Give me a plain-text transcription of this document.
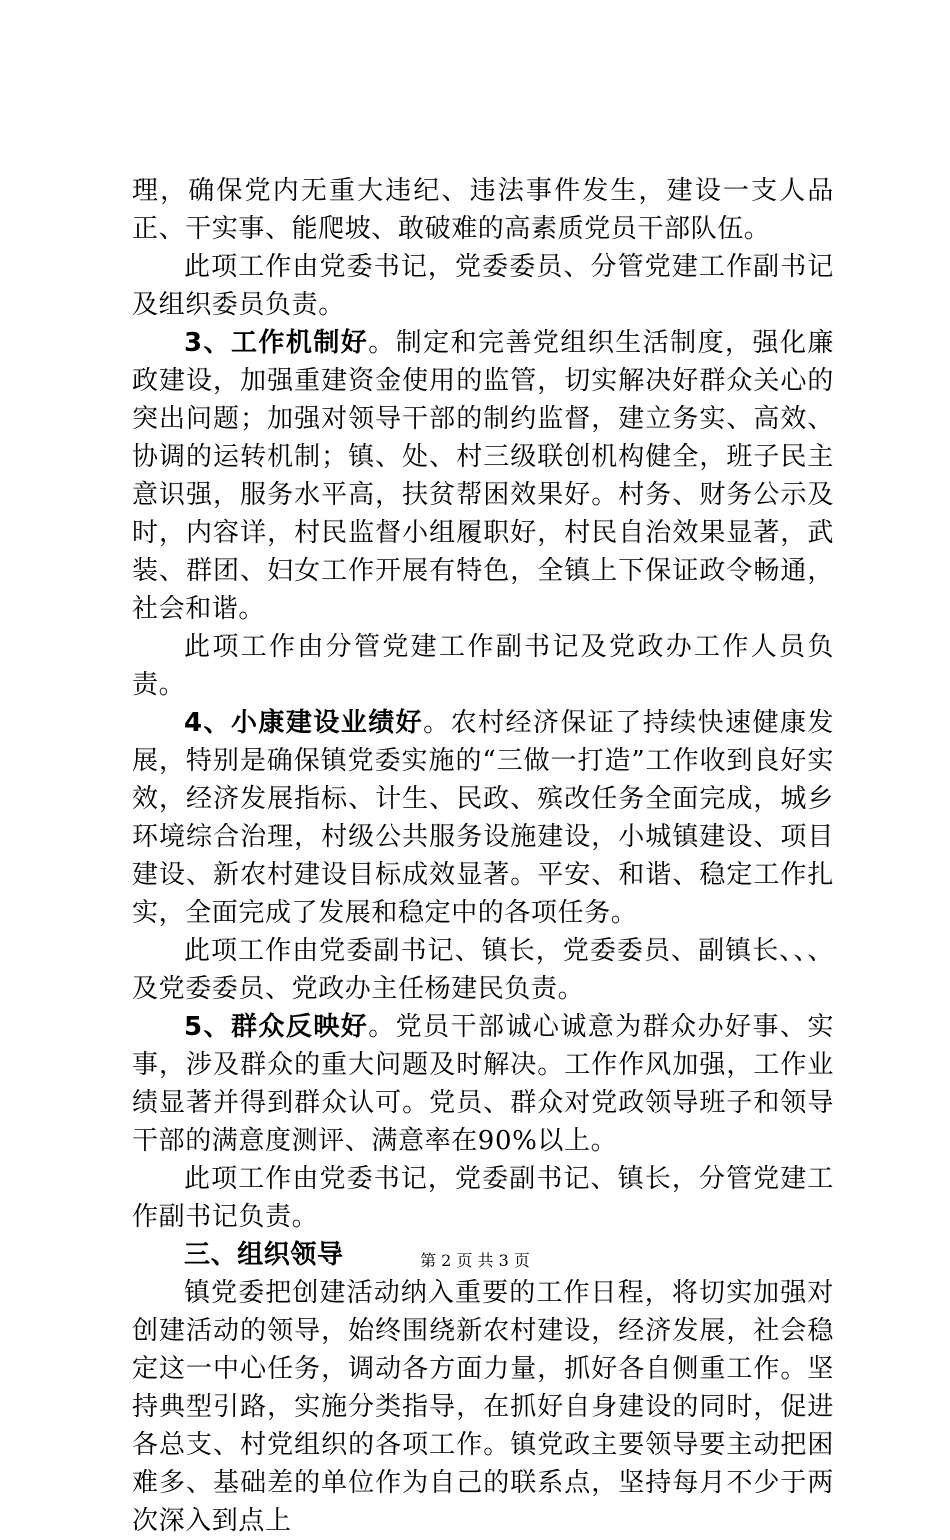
理，确保党内无重大违纪、违法事件发生，建设一支人品正、干实事、能爬坡、敢破难的高素质党员干部队伍。

此项工作由党委书记，党委委员、分管党建工作副书记及组织委员负责。

3、工作机制好。制定和完善党组织生活制度，强化廉政建设，加强重建资金使用的监管，切实解决好群众关心的突出问题；加强对领导干部的制约监督，建立务实、高效、协调的运转机制；镇、处、村三级联创机构健全，班子民主意识强，服务水平高，扶贫帮困效果好。村务、财务公示及时，内容详，村民监督小组履职好，村民自治效果显著，武装、群团、妇女工作开展有特色，全镇上下保证政令畅通，社会和谐。

此项工作由分管党建工作副书记及党政办工作人员负责。

4、小康建设业绩好。农村经济保证了持续快速健康发展，特别是确保镇党委实施的“三做一打造”工作收到良好实效，经济发展指标、计生、民政、殡改任务全面完成，城乡环境综合治理，村级公共服务设施建设，小城镇建设、项目建设、新农村建设目标成效显著。平安、和谐、稳定工作扎实，全面完成了发展和稳定中的各项任务。

此项工作由党委副书记、镇长，党委委员、副镇长、、、及党委委员、党政办主任杨建民负责。

5、群众反映好。党员干部诚心诚意为群众办好事、实事，涉及群众的重大问题及时解决。工作作风加强，工作业绩显著并得到群众认可。党员、群众对党政领导班子和领导干部的满意度测评、满意率在90%以上。

此项工作由党委书记，党委副书记、镇长，分管党建工作副书记负责。

三、组织领导

镇党委把创建活动纳入重要的工作日程，将切实加强对创建活动的领导，始终围绕新农村建设，经济发展，社会稳定这一中心任务，调动各方面力量，抓好各自侧重工作。坚持典型引路，实施分类指导，在抓好自身建设的同时，促进各总支、村党组织的各项工作。镇党政主要领导要主动把困难多、基础差的单位作为自己的联系点，坚持每月不少于两次深入到点上

第 2 页 共 3 页
